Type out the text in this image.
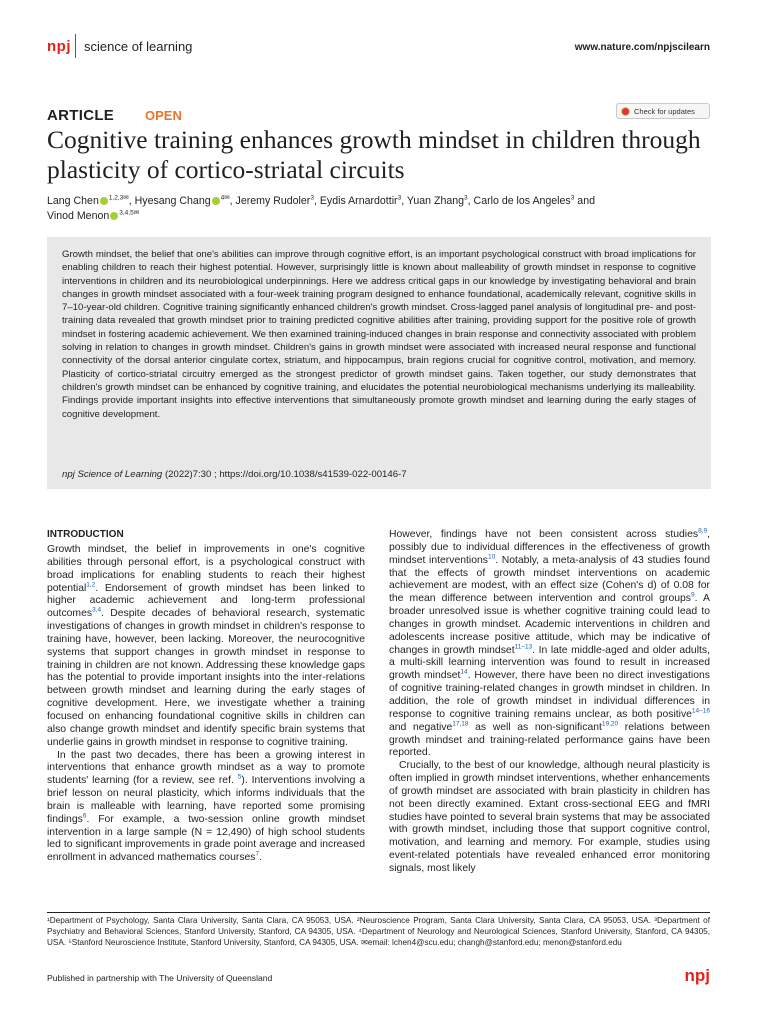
npj science of learning	www.nature.com/npjscilearn
ARTICLE OPEN	Check for updates
Cognitive training enhances growth mindset in children through plasticity of cortico-striatal circuits
Lang Chen $^{1,2,3✉}$, Hyesang Chang $^{4✉}$, Jeremy Rudoler$^3$, Eydis Arnardottir$^3$, Yuan Zhang$^3$, Carlo de los Angeles$^3$ and
Vinod Menon $^{3,4,5✉}$
Growth mindset, the belief that one's abilities can improve through cognitive effort, is an important psychological construct with broad implications for enabling children to reach their highest potential. However, surprisingly little is known about malleability of growth mindset in response to cognitive interventions in children and its neurobiological underpinnings. Here we address critical gaps in our knowledge by investigating behavioral and brain changes in growth mindset associated with a four-week training program designed to enhance foundational, academically relevant, cognitive skills in 7–10-year-old children. Cognitive training significantly enhanced children's growth mindset. Cross-lagged panel analysis of longitudinal pre- and post-training data revealed that growth mindset prior to training predicted cognitive abilities after training, providing support for the positive role of growth mindset in fostering academic achievement. We then examined training-induced changes in brain response and connectivity associated with problem solving in relation to changes in growth mindset. Children's gains in growth mindset were associated with increased neural response and functional connectivity of the dorsal anterior cingulate cortex, striatum, and hippocampus, brain regions crucial for cognitive control, motivation, and memory. Plasticity of cortico-striatal circuitry emerged as the strongest predictor of growth mindset gains. Taken together, our study demonstrates that children's growth mindset can be enhanced by cognitive training, and elucidates the potential neurobiological mechanisms underlying its malleability. Findings provide important insights into effective interventions that simultaneously promote growth mindset and learning during the early stages of cognitive development.
npj Science of Learning (2022)7:30 ; https://doi.org/10.1038/s41539-022-00146-7
INTRODUCTION

Growth mindset, the belief in improvements in one's cognitive abilities through personal effort, is a psychological construct with broad implications for enabling students to reach their highest potential$^{1,2}$. Endorsement of growth mindset has been linked to higher academic achievement and long-term professional outcomes$^{3,4}$. Despite decades of behavioral research, systematic investigations of changes in growth mindset in children's response to training have, however, been lacking. Moreover, the neurocognitive systems that support changes in growth mindset in response to training in children are not known. Addressing these knowledge gaps has the potential to provide important insights into the inter-relations between growth mindset and learning during the early stages of cognitive development. Here, we investigate whether a training focused on enhancing foundational cognitive skills in children can also change growth mindset and identify specific brain systems that underlie gains in growth mindset in response to cognitive training.

In the past two decades, there has been a growing interest in interventions that enhance growth mindset as a way to promote students' learning (for a review, see ref. $^5$). Interventions involving a brief lesson on neural plasticity, which informs individuals that the brain is malleable with learning, have reported some promising findings$^6$. For example, a two-session online growth mindset intervention in a large sample (N = 12,490) of high school students led to significant improvements in grade point average and increased enrollment in advanced mathematics courses$^7$.

However, findings have not been consistent across studies$^{8,9}$, possibly due to individual differences in the effectiveness of growth mindset interventions$^{10}$. Notably, a meta-analysis of 43 studies found that the effects of growth mindset interventions on academic achievement are modest, with an effect size (Cohen's d) of 0.08 for the mean difference between intervention and control groups$^9$. A broader unresolved issue is whether cognitive training could lead to changes in growth mindset. Academic interventions in children and adolescents increase positive attitude, which may be indicative of changes in growth mindset$^{11-13}$. In late middle-aged and older adults, a multi-skill learning intervention was found to result in increased growth mindset$^{14}$. However, there have been no direct investigations of cognitive training-related changes in growth mindset in children. In addition, the role of growth mindset in individual differences in response to cognitive training remains unclear, as both positive$^{14-16}$ and negative$^{17,18}$ as well as non-significant$^{19,20}$ relations between growth mindset and training-related performance gains have been reported.

Crucially, to the best of our knowledge, although neural plasticity is often implied in growth mindset interventions, whether enhancements of growth mindset are associated with brain plasticity in children has not been directly examined. Extant cross-sectional EEG and fMRI studies have pointed to several brain systems that may be associated with growth mindset, including those that support cognitive control, motivation, and learning and memory. For example, studies using event-related potentials have revealed enhanced error monitoring signals, most likely

¹Department of Psychology, Santa Clara University, Santa Clara, CA 95053, USA. ²Neuroscience Program, Santa Clara University, Santa Clara, CA 95053, USA. ³Department of Psychiatry and Behavioral Sciences, Stanford University, Stanford, CA 94305, USA. ⁴Department of Neurology and Neurological Sciences, Stanford University, Stanford, CA 94305, USA. ⁵Stanford Neuroscience Institute, Stanford University, Stanford, CA 94305, USA. ✉email: lchen4@scu.edu; changh@stanford.edu; menon@stanford.edu
Published in partnership with The University of Queensland	npj
